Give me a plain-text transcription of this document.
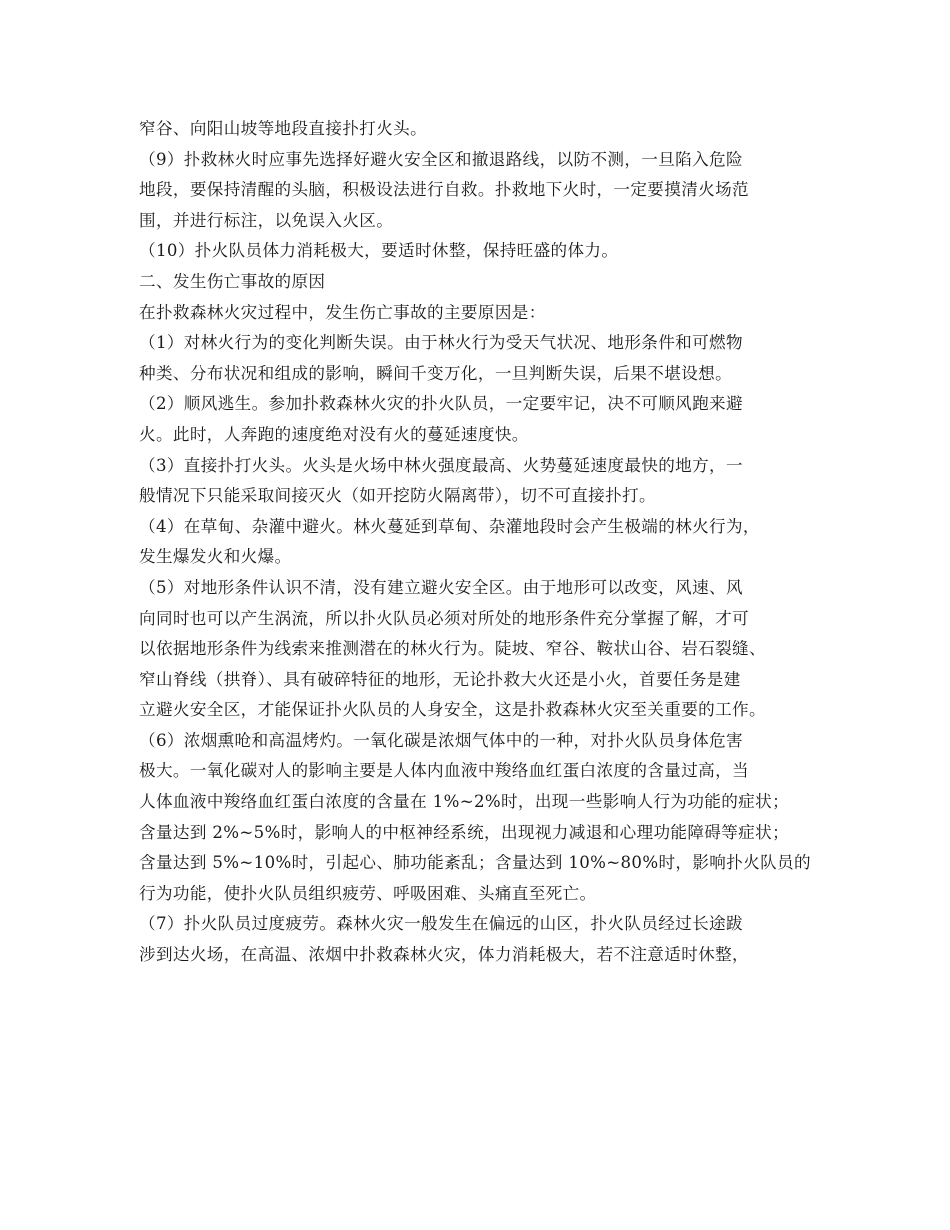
窄谷、向阳山坡等地段直接扑打火头。
（9）扑救林火时应事先选择好避火安全区和撤退路线，以防不测，一旦陷入危险
地段，要保持清醒的头脑，积极设法进行自救。扑救地下火时，一定要摸清火场范
围，并进行标注，以免误入火区。
（10）扑火队员体力消耗极大，要适时休整，保持旺盛的体力。
二、发生伤亡事故的原因
在扑救森林火灾过程中，发生伤亡事故的主要原因是：
（1）对林火行为的变化判断失误。由于林火行为受天气状况、地形条件和可燃物
种类、分布状况和组成的影响，瞬间千变万化，一旦判断失误，后果不堪设想。
（2）顺风逃生。参加扑救森林火灾的扑火队员，一定要牢记，决不可顺风跑来避
火。此时，人奔跑的速度绝对没有火的蔓延速度快。
（3）直接扑打火头。火头是火场中林火强度最高、火势蔓延速度最快的地方，一
般情况下只能采取间接灭火（如开挖防火隔离带），切不可直接扑打。
（4）在草甸、杂灌中避火。林火蔓延到草甸、杂灌地段时会产生极端的林火行为，
发生爆发火和火爆。
（5）对地形条件认识不清，没有建立避火安全区。由于地形可以改变，风速、风
向同时也可以产生涡流，所以扑火队员必须对所处的地形条件充分掌握了解，才可
以依据地形条件为线索来推测潜在的林火行为。陡坡、窄谷、鞍状山谷、岩石裂缝、
窄山脊线（拱脊）、具有破碎特征的地形，无论扑救大火还是小火，首要任务是建
立避火安全区，才能保证扑火队员的人身安全，这是扑救森林火灾至关重要的工作。
（6）浓烟熏呛和高温烤灼。一氧化碳是浓烟气体中的一种，对扑火队员身体危害
极大。一氧化碳对人的影响主要是人体内血液中羧络血红蛋白浓度的含量过高，当
人体血液中羧络血红蛋白浓度的含量在 1%~2%时，出现一些影响人行为功能的症状；
含量达到 2%~5%时，影响人的中枢神经系统，出现视力减退和心理功能障碍等症状；
含量达到 5%~10%时，引起心、肺功能紊乱；含量达到 10%~80%时，影响扑火队员的
行为功能，使扑火队员组织疲劳、呼吸困难、头痛直至死亡。
（7）扑火队员过度疲劳。森林火灾一般发生在偏远的山区，扑火队员经过长途跋
涉到达火场，在高温、浓烟中扑救森林火灾，体力消耗极大，若不注意适时休整，
